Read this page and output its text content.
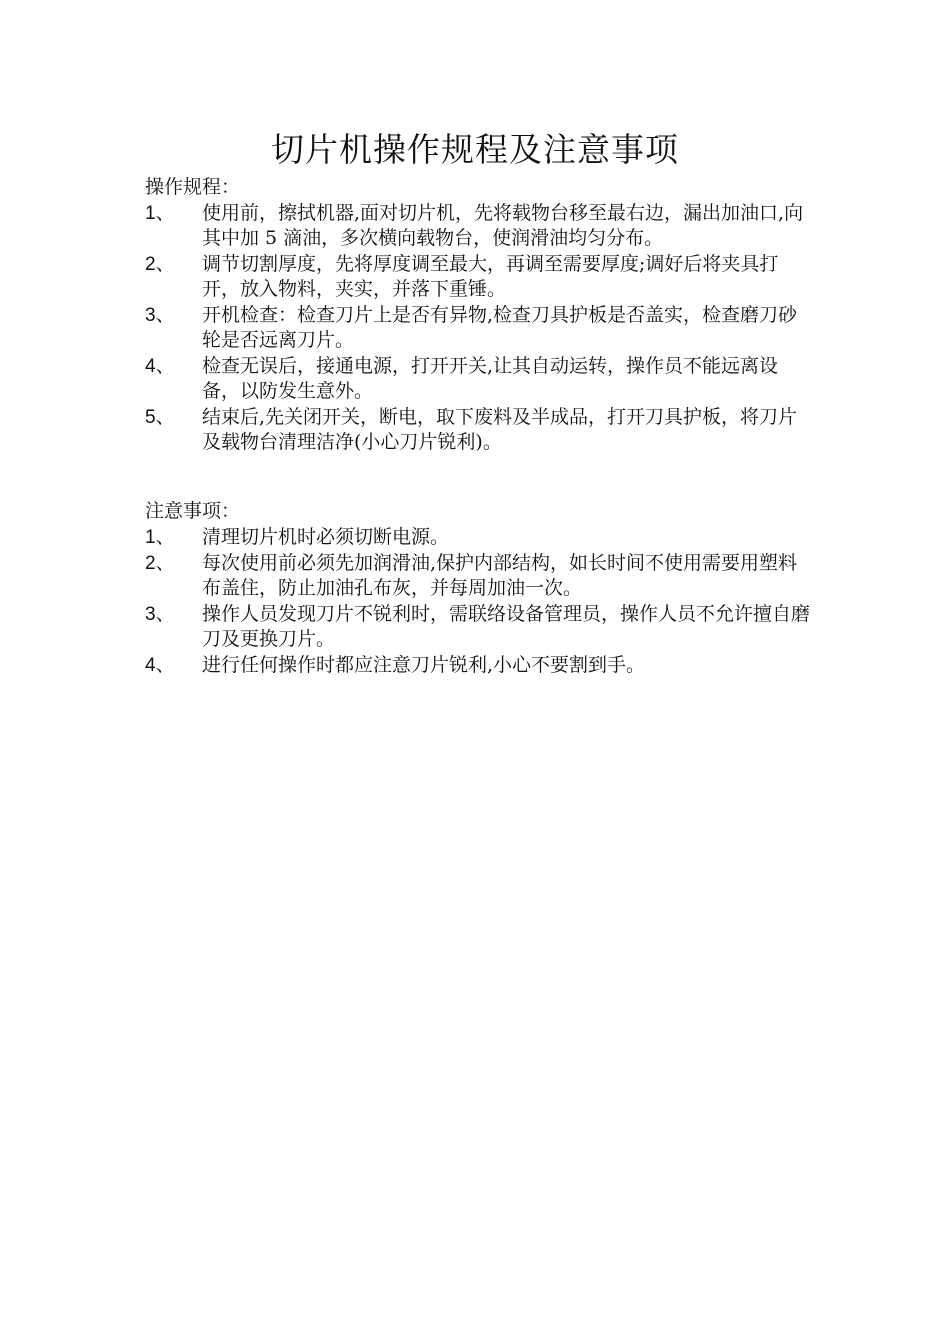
切片机操作规程及注意事项
操作规程：
1、	使用前，擦拭机器,面对切片机，先将载物台移至最右边，漏出加油口,向其中加 5 滴油，多次横向载物台，使润滑油均匀分布。
2、	调节切割厚度，先将厚度调至最大，再调至需要厚度;调好后将夹具打开，放入物料，夹实，并落下重锤。
3、	开机检查：检查刀片上是否有异物,检查刀具护板是否盖实，检查磨刀砂轮是否远离刀片。
4、	检查无误后，接通电源，打开开关,让其自动运转，操作员不能远离设备，以防发生意外。
5、	结束后,先关闭开关，断电，取下废料及半成品，打开刀具护板，将刀片及载物台清理洁净(小心刀片锐利)。
注意事项：
1、	清理切片机时必须切断电源。
2、	每次使用前必须先加润滑油,保护内部结构，如长时间不使用需要用塑料布盖住，防止加油孔布灰，并每周加油一次。
3、	操作人员发现刀片不锐利时，需联络设备管理员，操作人员不允许擅自磨刀及更换刀片。
4、	进行任何操作时都应注意刀片锐利,小心不要割到手。
